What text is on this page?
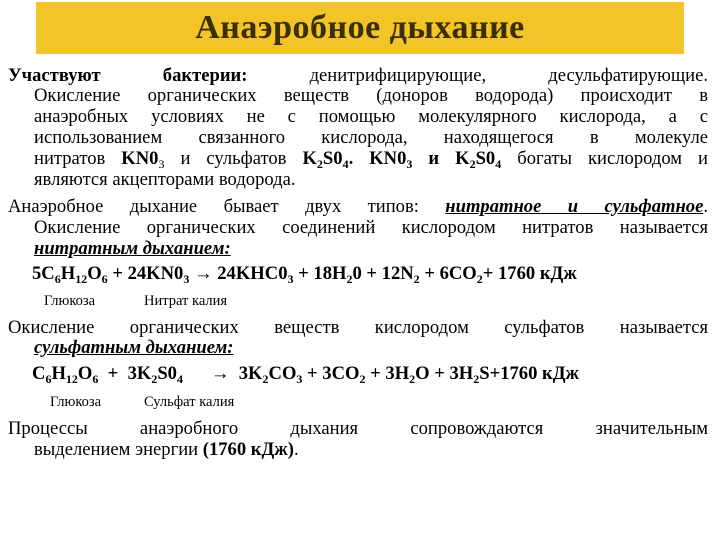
Анаэробное дыхание
Участвуют	бактерии:	денитрифицирующие,	десульфатирующие.
Окисление органических веществ (доноров водорода) происходит в
анаэробных условиях не с помощью молекулярного кислорода, а с
использованием связанного кислорода, находящегося в молекуле
нитратов $KN0_3$ и сульфатов $K_2S0_4$. $KN0_3$ и $K_2S0_4$ богаты кислородом и
являются акцепторами водорода.
Анаэробное дыхание бывает двух типов: нитратное и сульфатное.
Окисление органических соединений кислородом нитратов называется
нитратным дыханием:
$5C_6H_{12}O_6 + 24KN0_3 \to 24KHC0_3 + 18H_20 + 12N_2 + 6CO_2+ 1760$ кДж
Глюкоза	Нитрат калия
Окисление органических веществ кислородом сульфатов называется
сульфатным дыханием:
$C_6H_{12}O_6 + 3K_2S0_4$      →  $3K_2CO_3 + 3CO_2 + 3H_2O + 3H_2S+1760$ кДж
Глюкоза	Сульфат калия
Процессы анаэробного дыхания сопровождаются значительным
выделением энергии (1760 кДж).
